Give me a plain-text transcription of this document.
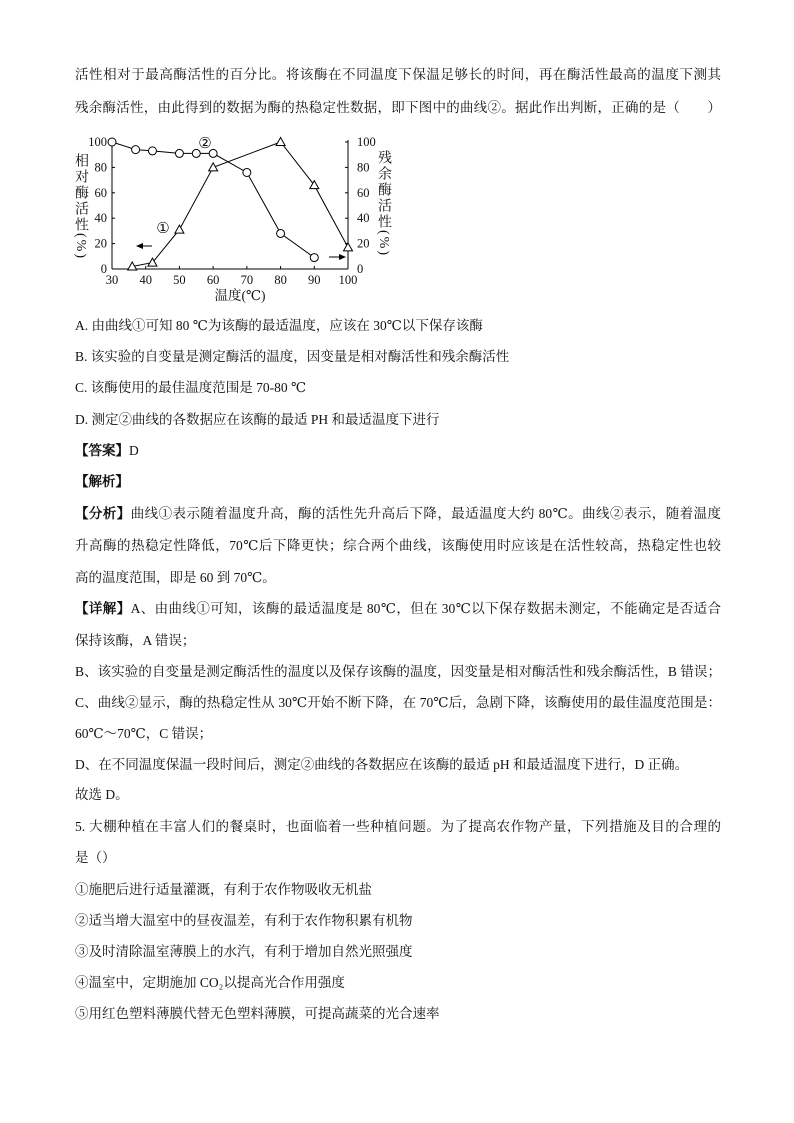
活性相对于最高酶活性的百分比。将该酶在不同温度下保温足够长的时间，再在酶活性最高的温度下测其
残余酶活性，由此得到的数据为酶的热稳定性数据，即下图中的曲线②。据此作出判断，正确的是（　　）
温度(℃)
30 40 50 60 70 80 90 100
0	0
20	20
40	40
60	60
80	80
100	100
①
②
相对酶活性(%)	残余酶活性(%)
A. 由曲线①可知 80 ℃为该酶的最适温度，应该在 30℃以下保存该酶
B. 该实验的自变量是测定酶活的温度，因变量是相对酶活性和残余酶活性
C. 该酶使用的最佳温度范围是 70-80 ℃
D. 测定②曲线的各数据应在该酶的最适 PH 和最适温度下进行
【答案】D
【解析】
【分析】曲线①表示随着温度升高，酶的活性先升高后下降，最适温度大约 80℃。曲线②表示，随着温度
升高酶的热稳定性降低，70℃后下降更快；综合两个曲线，该酶使用时应该是在活性较高，热稳定性也较
高的温度范围，即是 60 到 70℃。
【详解】A、由曲线①可知，该酶的最适温度是 80℃，但在 30℃以下保存数据未测定，不能确定是否适合
保持该酶，A 错误；
B、该实验的自变量是测定酶活性的温度以及保存该酶的温度，因变量是相对酶活性和残余酶活性，B 错误；
C、曲线②显示，酶的热稳定性从 30℃开始不断下降，在 70℃后，急剧下降，该酶使用的最佳温度范围是：
60℃～70℃，C 错误；
D、在不同温度保温一段时间后，测定②曲线的各数据应在该酶的最适 pH 和最适温度下进行，D 正确。
故选 D。
5. 大棚种植在丰富人们的餐桌时，也面临着一些种植问题。为了提高农作物产量，下列措施及目的合理的
是（）
①施肥后进行适量灌溉，有利于农作物吸收无机盐
②适当增大温室中的昼夜温差，有利于农作物积累有机物
③及时清除温室薄膜上的水汽，有利于增加自然光照强度
④温室中，定期施加 CO₂以提高光合作用强度
⑤用红色塑料薄膜代替无色塑料薄膜，可提高蔬菜的光合速率
